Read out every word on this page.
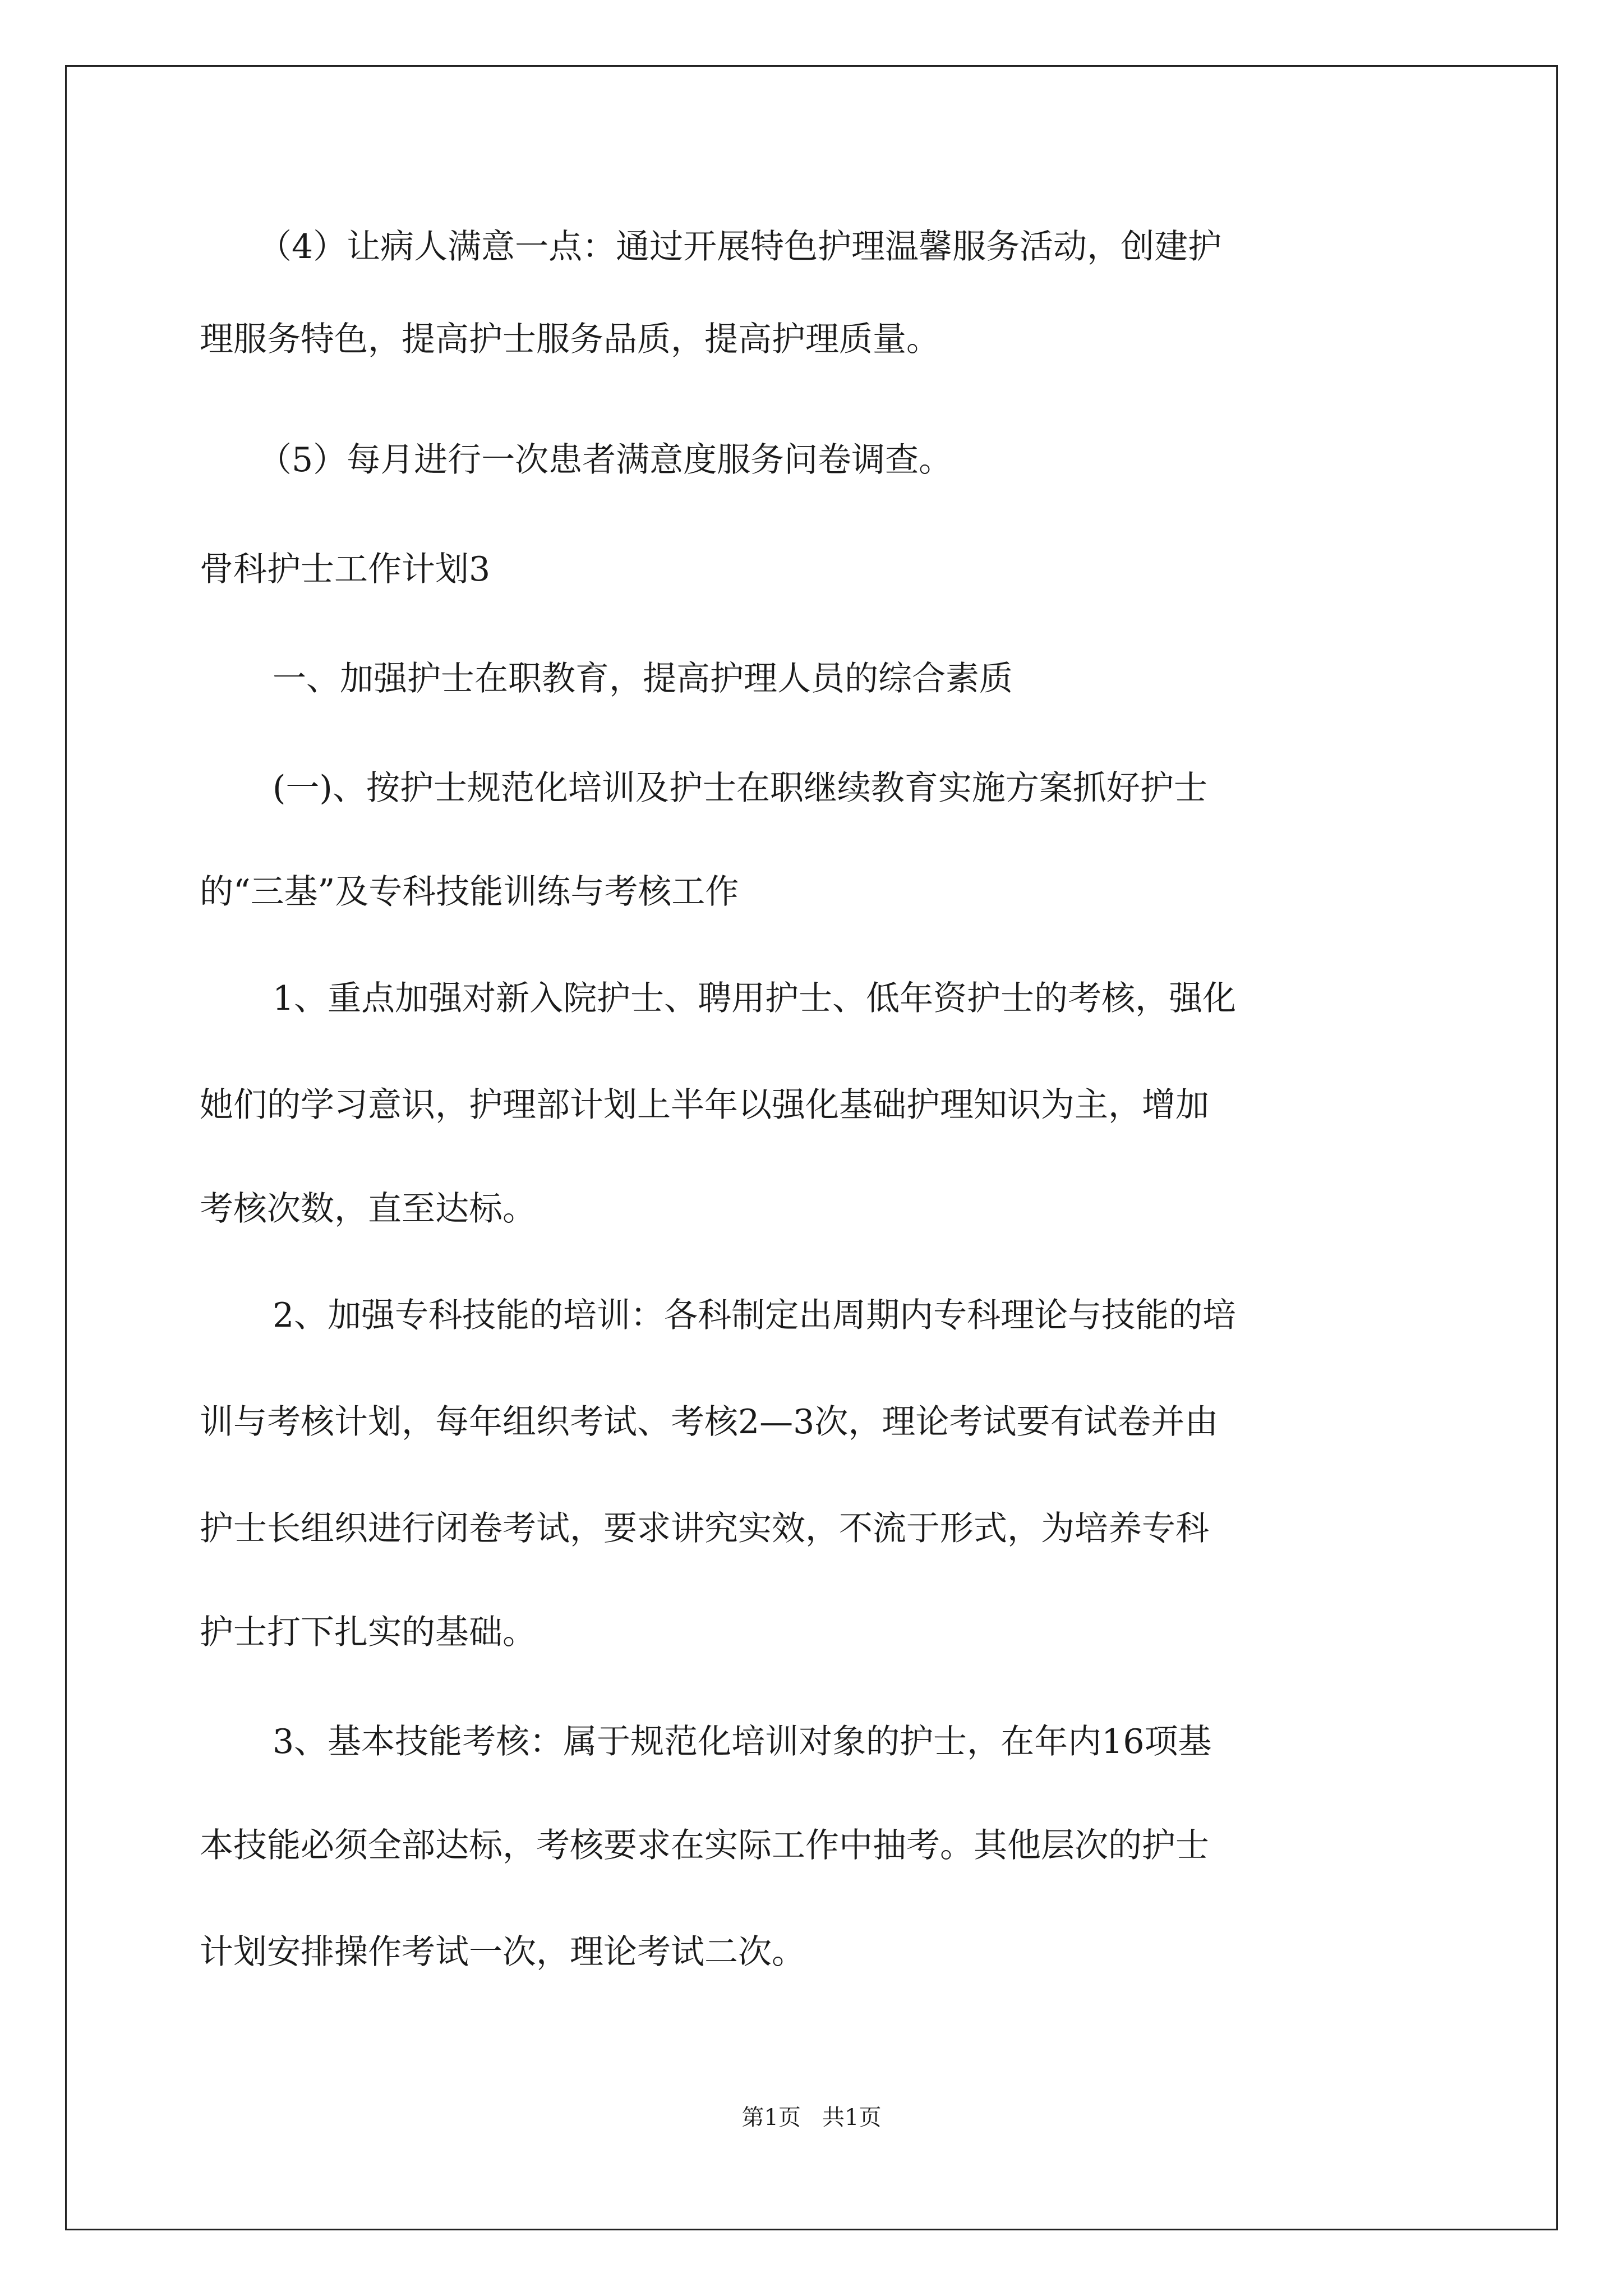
（4）让病人满意一点：通过开展特色护理温馨服务活动，创建护
理服务特色，提高护士服务品质，提高护理质量。
（5）每月进行一次患者满意度服务问卷调查。
骨科护士工作计划3
一、加强护士在职教育，提高护理人员的综合素质
(一)、按护士规范化培训及护士在职继续教育实施方案抓好护士
的“三基”及专科技能训练与考核工作
1、重点加强对新入院护士、聘用护士、低年资护士的考核，强化
她们的学习意识，护理部计划上半年以强化基础护理知识为主，增加
考核次数，直至达标。
2、加强专科技能的培训：各科制定出周期内专科理论与技能的培
训与考核计划，每年组织考试、考核2—3次，理论考试要有试卷并由
护士长组织进行闭卷考试，要求讲究实效，不流于形式，为培养专科
护士打下扎实的基础。
3、基本技能考核：属于规范化培训对象的护士，在年内16项基
本技能必须全部达标，考核要求在实际工作中抽考。其他层次的护士
计划安排操作考试一次，理论考试二次。
第1页   共1页
